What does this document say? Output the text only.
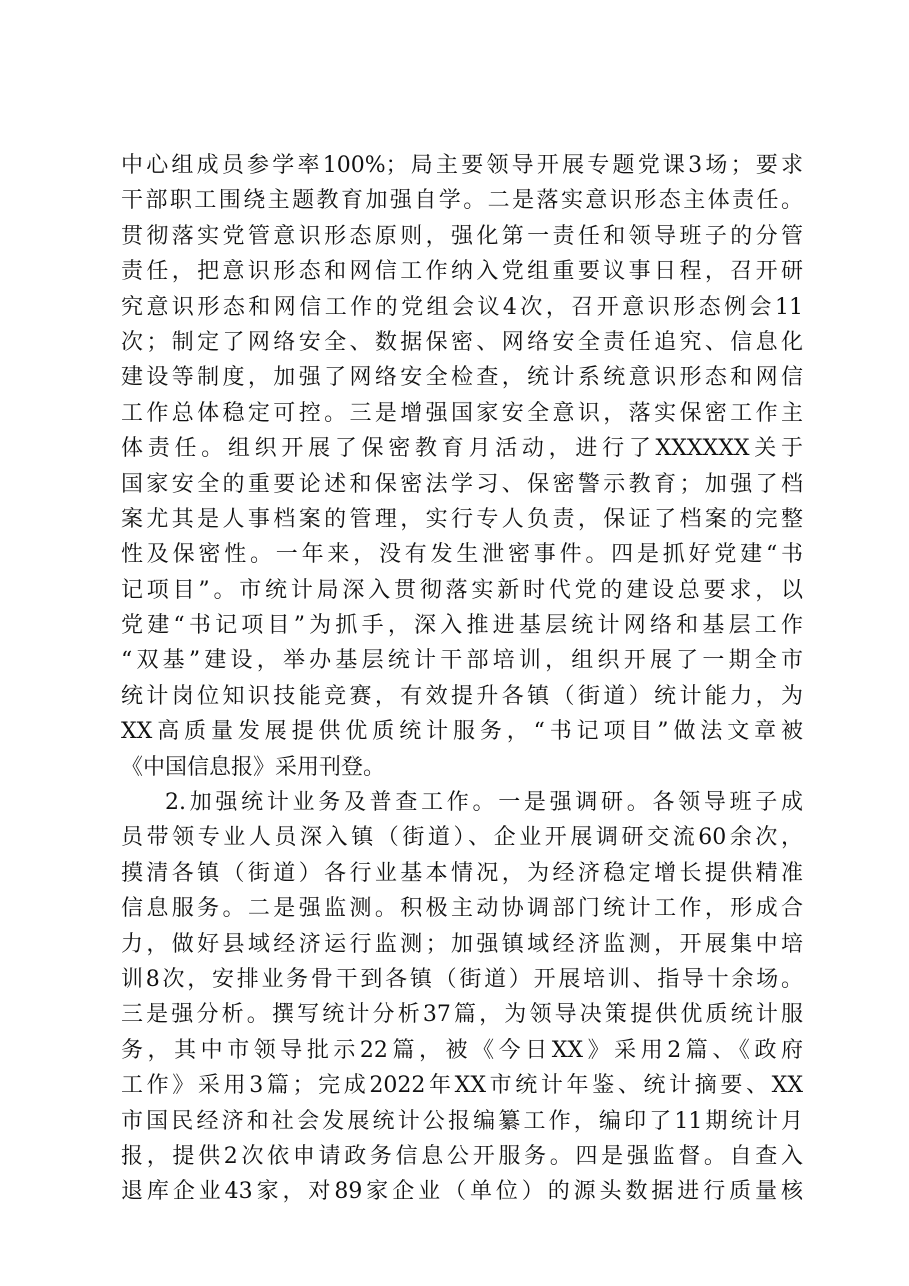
中心组成员参学率100%；局主要领导开展专题党课3场；要求
干部职工围绕主题教育加强自学。二是落实意识形态主体责任。
贯彻落实党管意识形态原则，强化第一责任和领导班子的分管
责任，把意识形态和网信工作纳入党组重要议事日程，召开研
究意识形态和网信工作的党组会议4次，召开意识形态例会11
次；制定了网络安全、数据保密、网络安全责任追究、信息化
建设等制度，加强了网络安全检查，统计系统意识形态和网信
工作总体稳定可控。三是增强国家安全意识，落实保密工作主
体责任。组织开展了保密教育月活动，进行了XXXXXX关于
国家安全的重要论述和保密法学习、保密警示教育；加强了档
案尤其是人事档案的管理，实行专人负责，保证了档案的完整
性及保密性。一年来，没有发生泄密事件。四是抓好党建“书
记项目”。市统计局深入贯彻落实新时代党的建设总要求，以
党建“书记项目”为抓手，深入推进基层统计网络和基层工作
“双基”建设，举办基层统计干部培训，组织开展了一期全市
统计岗位知识技能竞赛，有效提升各镇（街道）统计能力，为
XX高质量发展提供优质统计服务，“书记项目”做法文章被
《中国信息报》采用刊登。
2.加强统计业务及普查工作。一是强调研。各领导班子成
员带领专业人员深入镇（街道）、企业开展调研交流60余次，
摸清各镇（街道）各行业基本情况，为经济稳定增长提供精准
信息服务。二是强监测。积极主动协调部门统计工作，形成合
力，做好县域经济运行监测；加强镇域经济监测，开展集中培
训8次，安排业务骨干到各镇（街道）开展培训、指导十余场。
三是强分析。撰写统计分析37篇，为领导决策提供优质统计服
务，其中市领导批示22篇，被《今日XX》采用2篇、《政府
工作》采用3篇；完成2022年XX市统计年鉴、统计摘要、XX
市国民经济和社会发展统计公报编纂工作，编印了11期统计月
报，提供2次依申请政务信息公开服务。四是强监督。自查入
退库企业43家，对89家企业（单位）的源头数据进行质量核
